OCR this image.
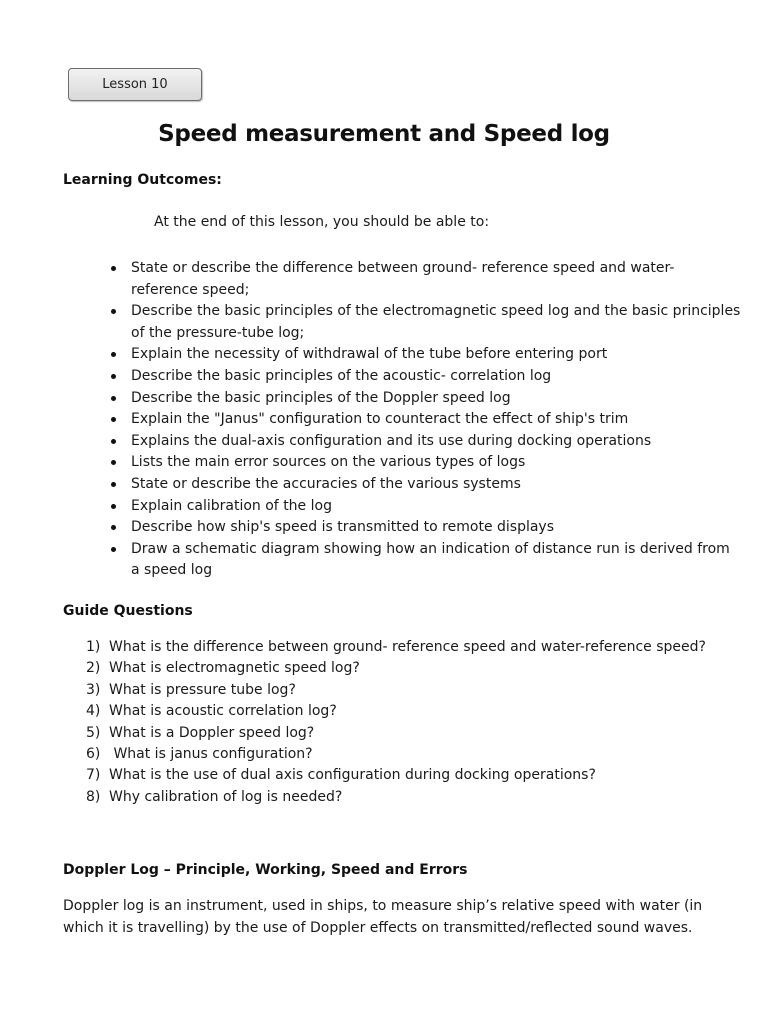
Lesson 10
Speed measurement and Speed log
Learning Outcomes:

At the end of this lesson, you should be able to:

State or describe the difference between ground- reference speed and water-reference speed;
Describe the basic principles of the electromagnetic speed log and the basic principles of the pressure-tube log;
Explain the necessity of withdrawal of the tube before entering port
Describe the basic principles of the acoustic- correlation log
Describe the basic principles of the Doppler speed log
Explain the "Janus" configuration to counteract the effect of ship's trim
Explains the dual-axis configuration and its use during docking operations
Lists the main error sources on the various types of logs
State or describe the accuracies of the various systems
Explain calibration of the log
Describe how ship's speed is transmitted to remote displays
Draw a schematic diagram showing how an indication of distance run is derived from a speed log
Guide Questions
1) What is the difference between ground- reference speed and water-reference speed?
2) What is electromagnetic speed log?
3) What is pressure tube log?
4) What is acoustic correlation log?
5) What is a Doppler speed log?
6) What is janus configuration?
7) What is the use of dual axis configuration during docking operations?
8) Why calibration of log is needed?
Doppler Log – Principle, Working, Speed and Errors

Doppler log is an instrument, used in ships, to measure ship’s relative speed with water (in which it is travelling) by the use of Doppler effects on transmitted/reflected sound waves.
